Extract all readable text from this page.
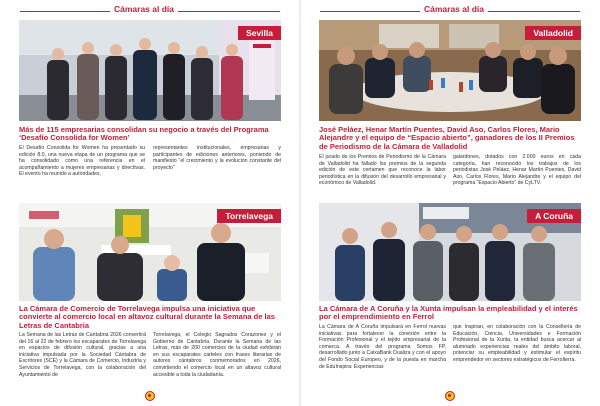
Cámaras al día
Sevilla
Más de 115 empresarias consolidan su negocio a través del Programa ‘Desafío Consolida for Women’
El Desafío Consolida for Women ha presentado su edición 8.0, una nueva etapa de un programa que se ha consolidado como una referencia en el acompañamiento a mujeres empresarias y directivas. El evento ha reunido a autoridades,
representantes institucionales, empresarias y participantes de ediciones anteriores, poniendo de manifiesto “el crecimiento y la evolución constante del proyecto”
Torrelavega
La Cámara de Comercio de Torrelavega impulsa una iniciativa que convierte al comercio local en altavoz cultural durante la Semana de las Letras de Cantabria
La Semana de las Letras de Cantabria 2026 convertirá del 16 al 22 de febrero los escaparates de Torrelavega en espacios de difusión cultural, gracias a una iniciativa impulsada por la Sociedad Cántabra de Escritores (SCE) y la Cámara de Comercio, Industria y Servicios de Torrelavega, con la colaboración del Ayuntamiento de
Torrelavega, el Colegio Sagrados Corazones y el Gobierno de Cantabria. Durante la Semana de las Letras, más de 200 comercios de la ciudad exhibirán en sus escaparates carteles con frases literarias de autores cántabros conmemorados en 2026, convirtiendo el comercio local en un altavoz cultural accesible a toda la ciudadanía.
Cámaras al día
Valladolid
José Peláez, Henar Martín Puentes, David Aso, Carlos Flores, Mario Alejandre y el equipo de “Espacio abierto”, ganadores de los II Premios de Periodismo de la Cámara de Valladolid
El jurado de los Premios de Periodismo de la Cámara de Valladolid ha fallado los premios de la segunda edición de este certamen que reconoce la labor periodística en la difusión del desarrollo empresarial y económico de Valladolid.
galardones, dotados con 2.000 euros en cada categoría, han reconocido los trabajos de los periodistas José Peláez, Henar Martín Puentes, David Aso, Carlos Flores, Mario Alejandre y el equipo del programa “Espacio Abierto” de CyLTV.
A Coruña
La Cámara de A Coruña y la Xunta impulsan la empleabilidad y el interés por el emprendimiento en Ferrol
La Cámara de A Coruña impulsará en Ferrol nuevas iniciativas para fortalecer la conexión entre la Formación Profesional y el tejido empresarial de la comarca. A través del programa Somos FP, desarrollado junto a CaixaBank Dualiza y con el apoyo del Fondo Social Europeo, y de la puesta en marcha de EduInspira: Experiencias
que Inspiran, en colaboración con la Consellería de Educación, Ciencia, Universidades e Formación Profesional de la Xunta, la entidad busca acercar al alumnado experiencias reales del ámbito laboral, potenciar su empleabilidad y estimular el espíritu emprendedor en sectores estratégicos de Ferrolterra.
